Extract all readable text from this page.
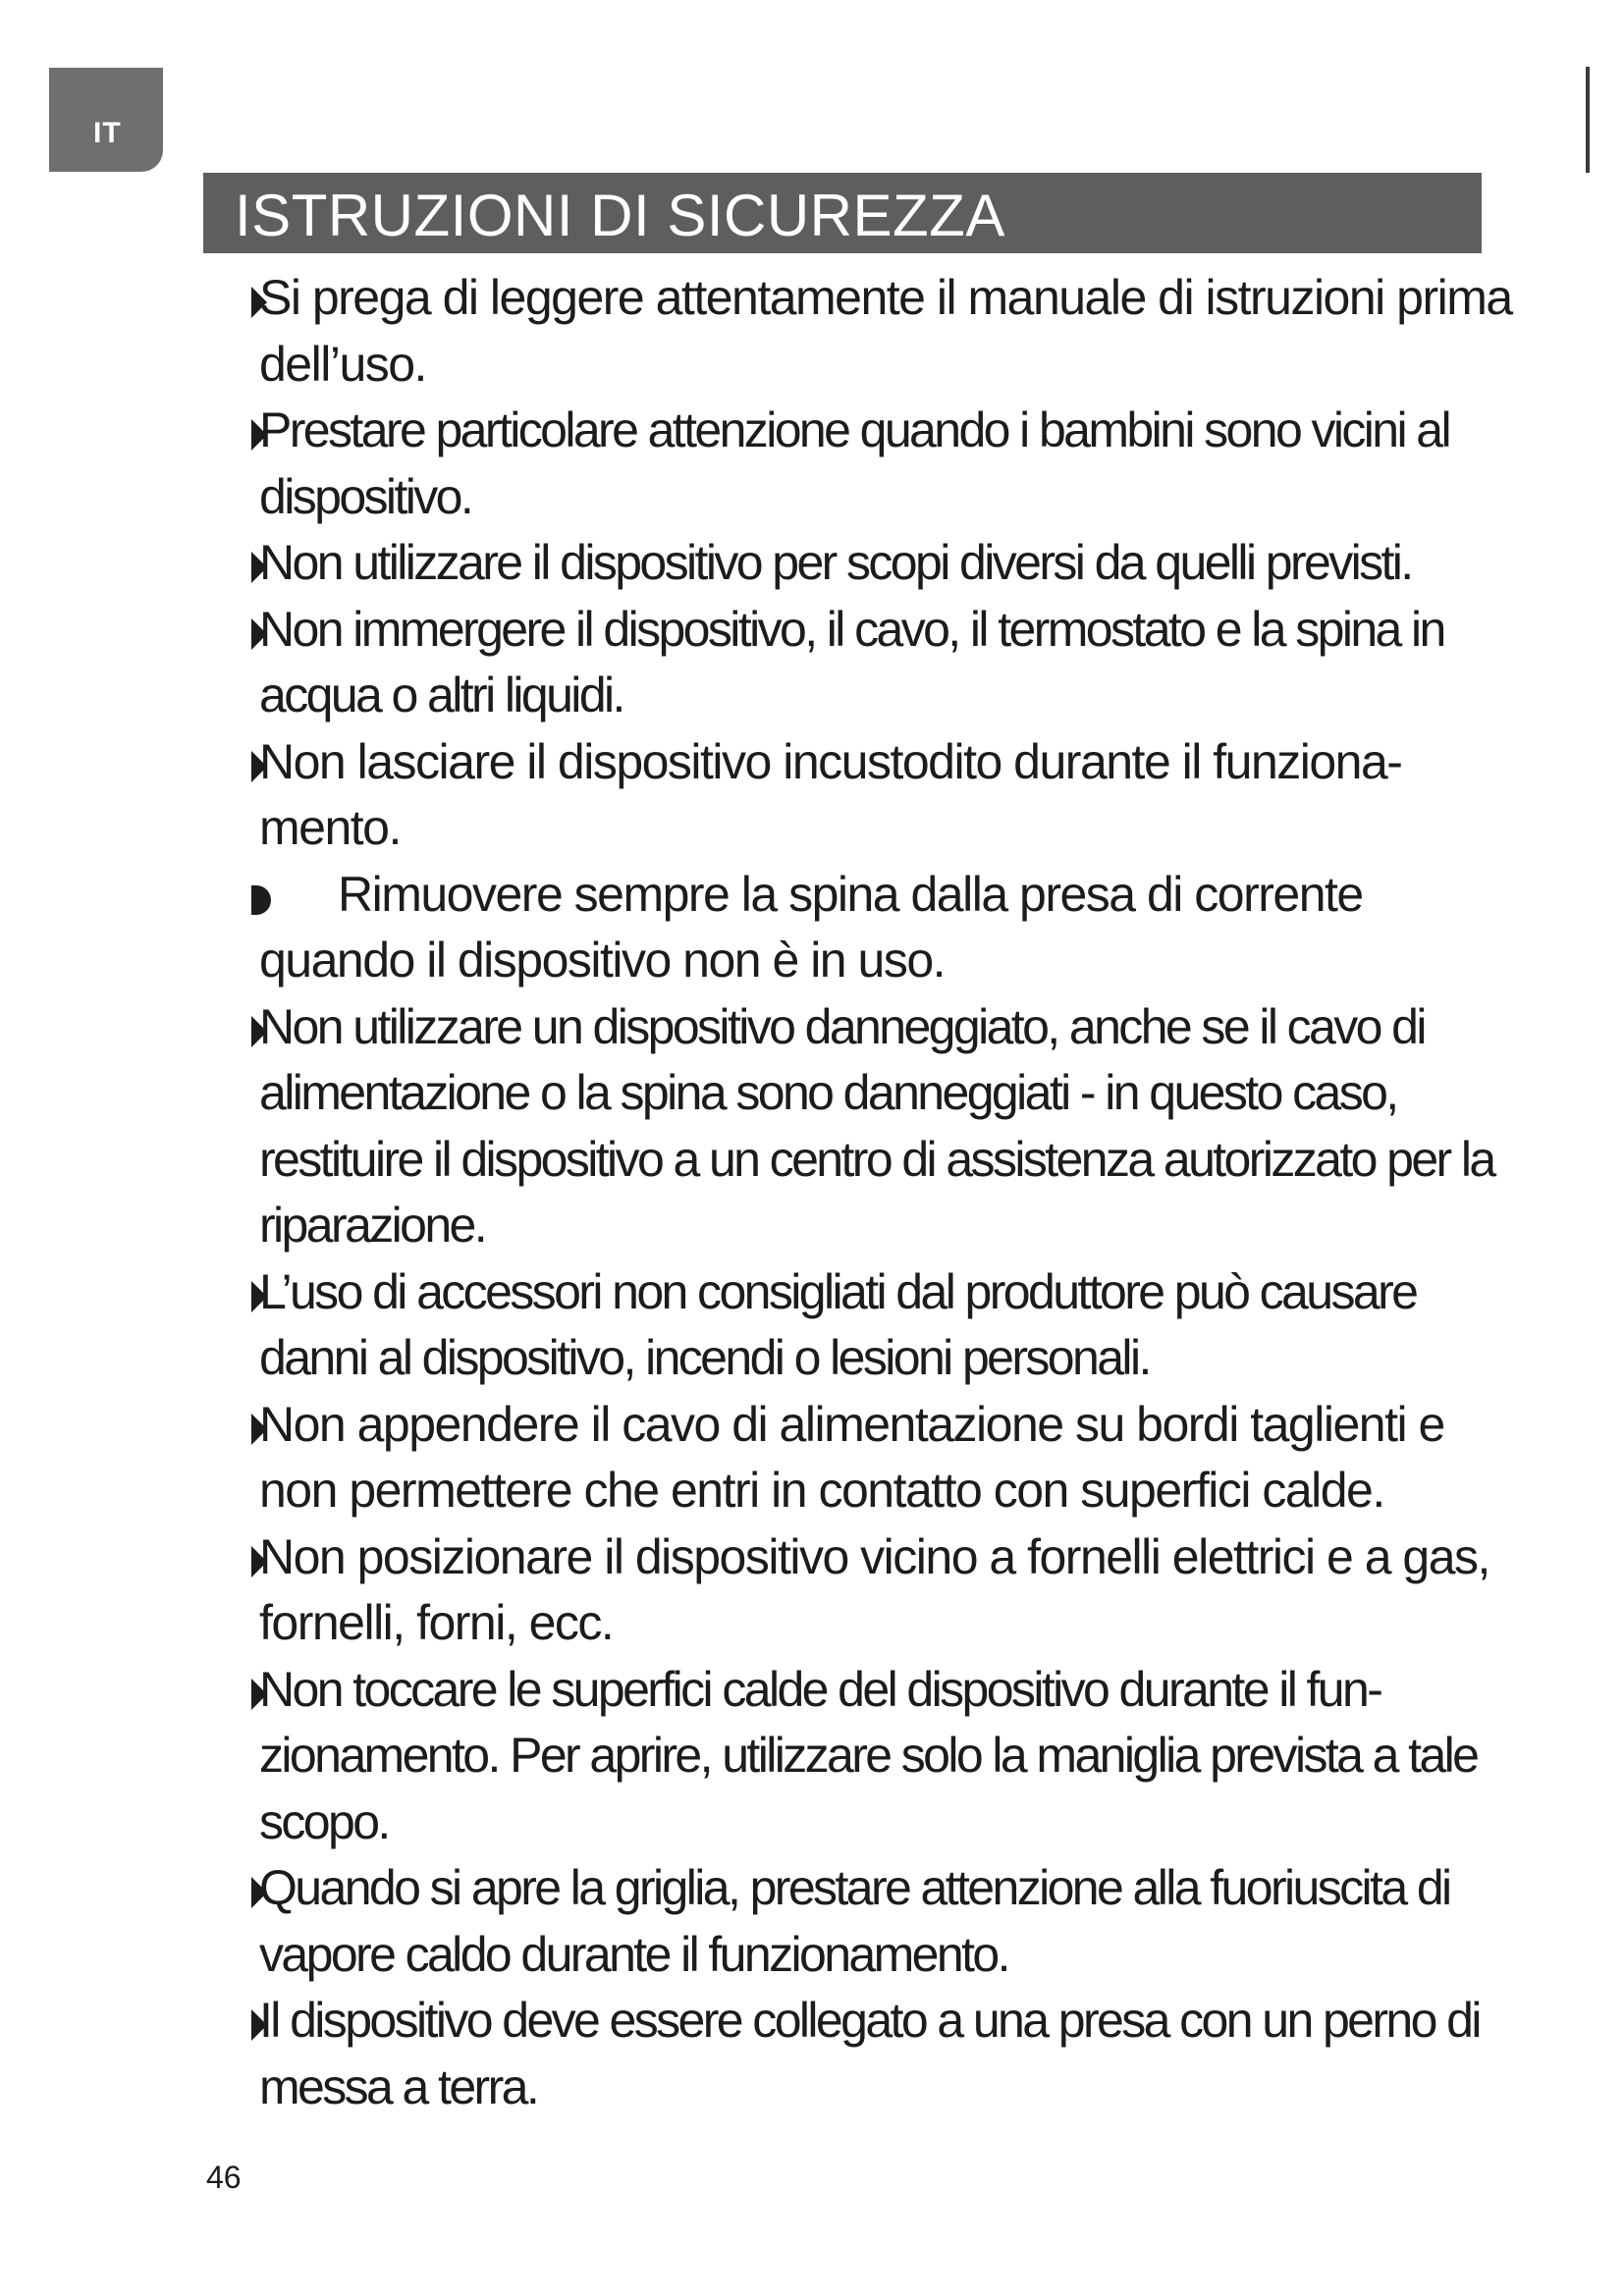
IT
ISTRUZIONI DI SICUREZZA
Si prega di leggere attentamente il manuale di istruzioni prima dell’uso.
Prestare particolare attenzione quando i bambini sono vicini al dispositivo.
Non utilizzare il dispositivo per scopi diversi da quelli previsti.
Non immergere il dispositivo, il cavo, il termostato e la spina in acqua o altri liquidi.
Non lasciare il dispositivo incustodito durante il funziona-mento.
Rimuovere sempre la spina dalla presa di corrente quando il dispositivo non è in uso.
Non utilizzare un dispositivo danneggiato, anche se il cavo di alimentazione o la spina sono danneggiati - in questo caso, restituire il dispositivo a un centro di assistenza autorizzato per la riparazione.
L’uso di accessori non consigliati dal produttore può causare danni al dispositivo, incendi o lesioni personali.
Non appendere il cavo di alimentazione su bordi taglienti e non permettere che entri in contatto con superfici calde.
Non posizionare il dispositivo vicino a fornelli elettrici e a gas, fornelli, forni, ecc.
Non toccare le superfici calde del dispositivo durante il fun-zionamento. Per aprire, utilizzare solo la maniglia prevista a tale scopo.
Quando si apre la griglia, prestare attenzione alla fuoriuscita di vapore caldo durante il funzionamento.
Il dispositivo deve essere collegato a una presa con un perno di messa a terra.
46
